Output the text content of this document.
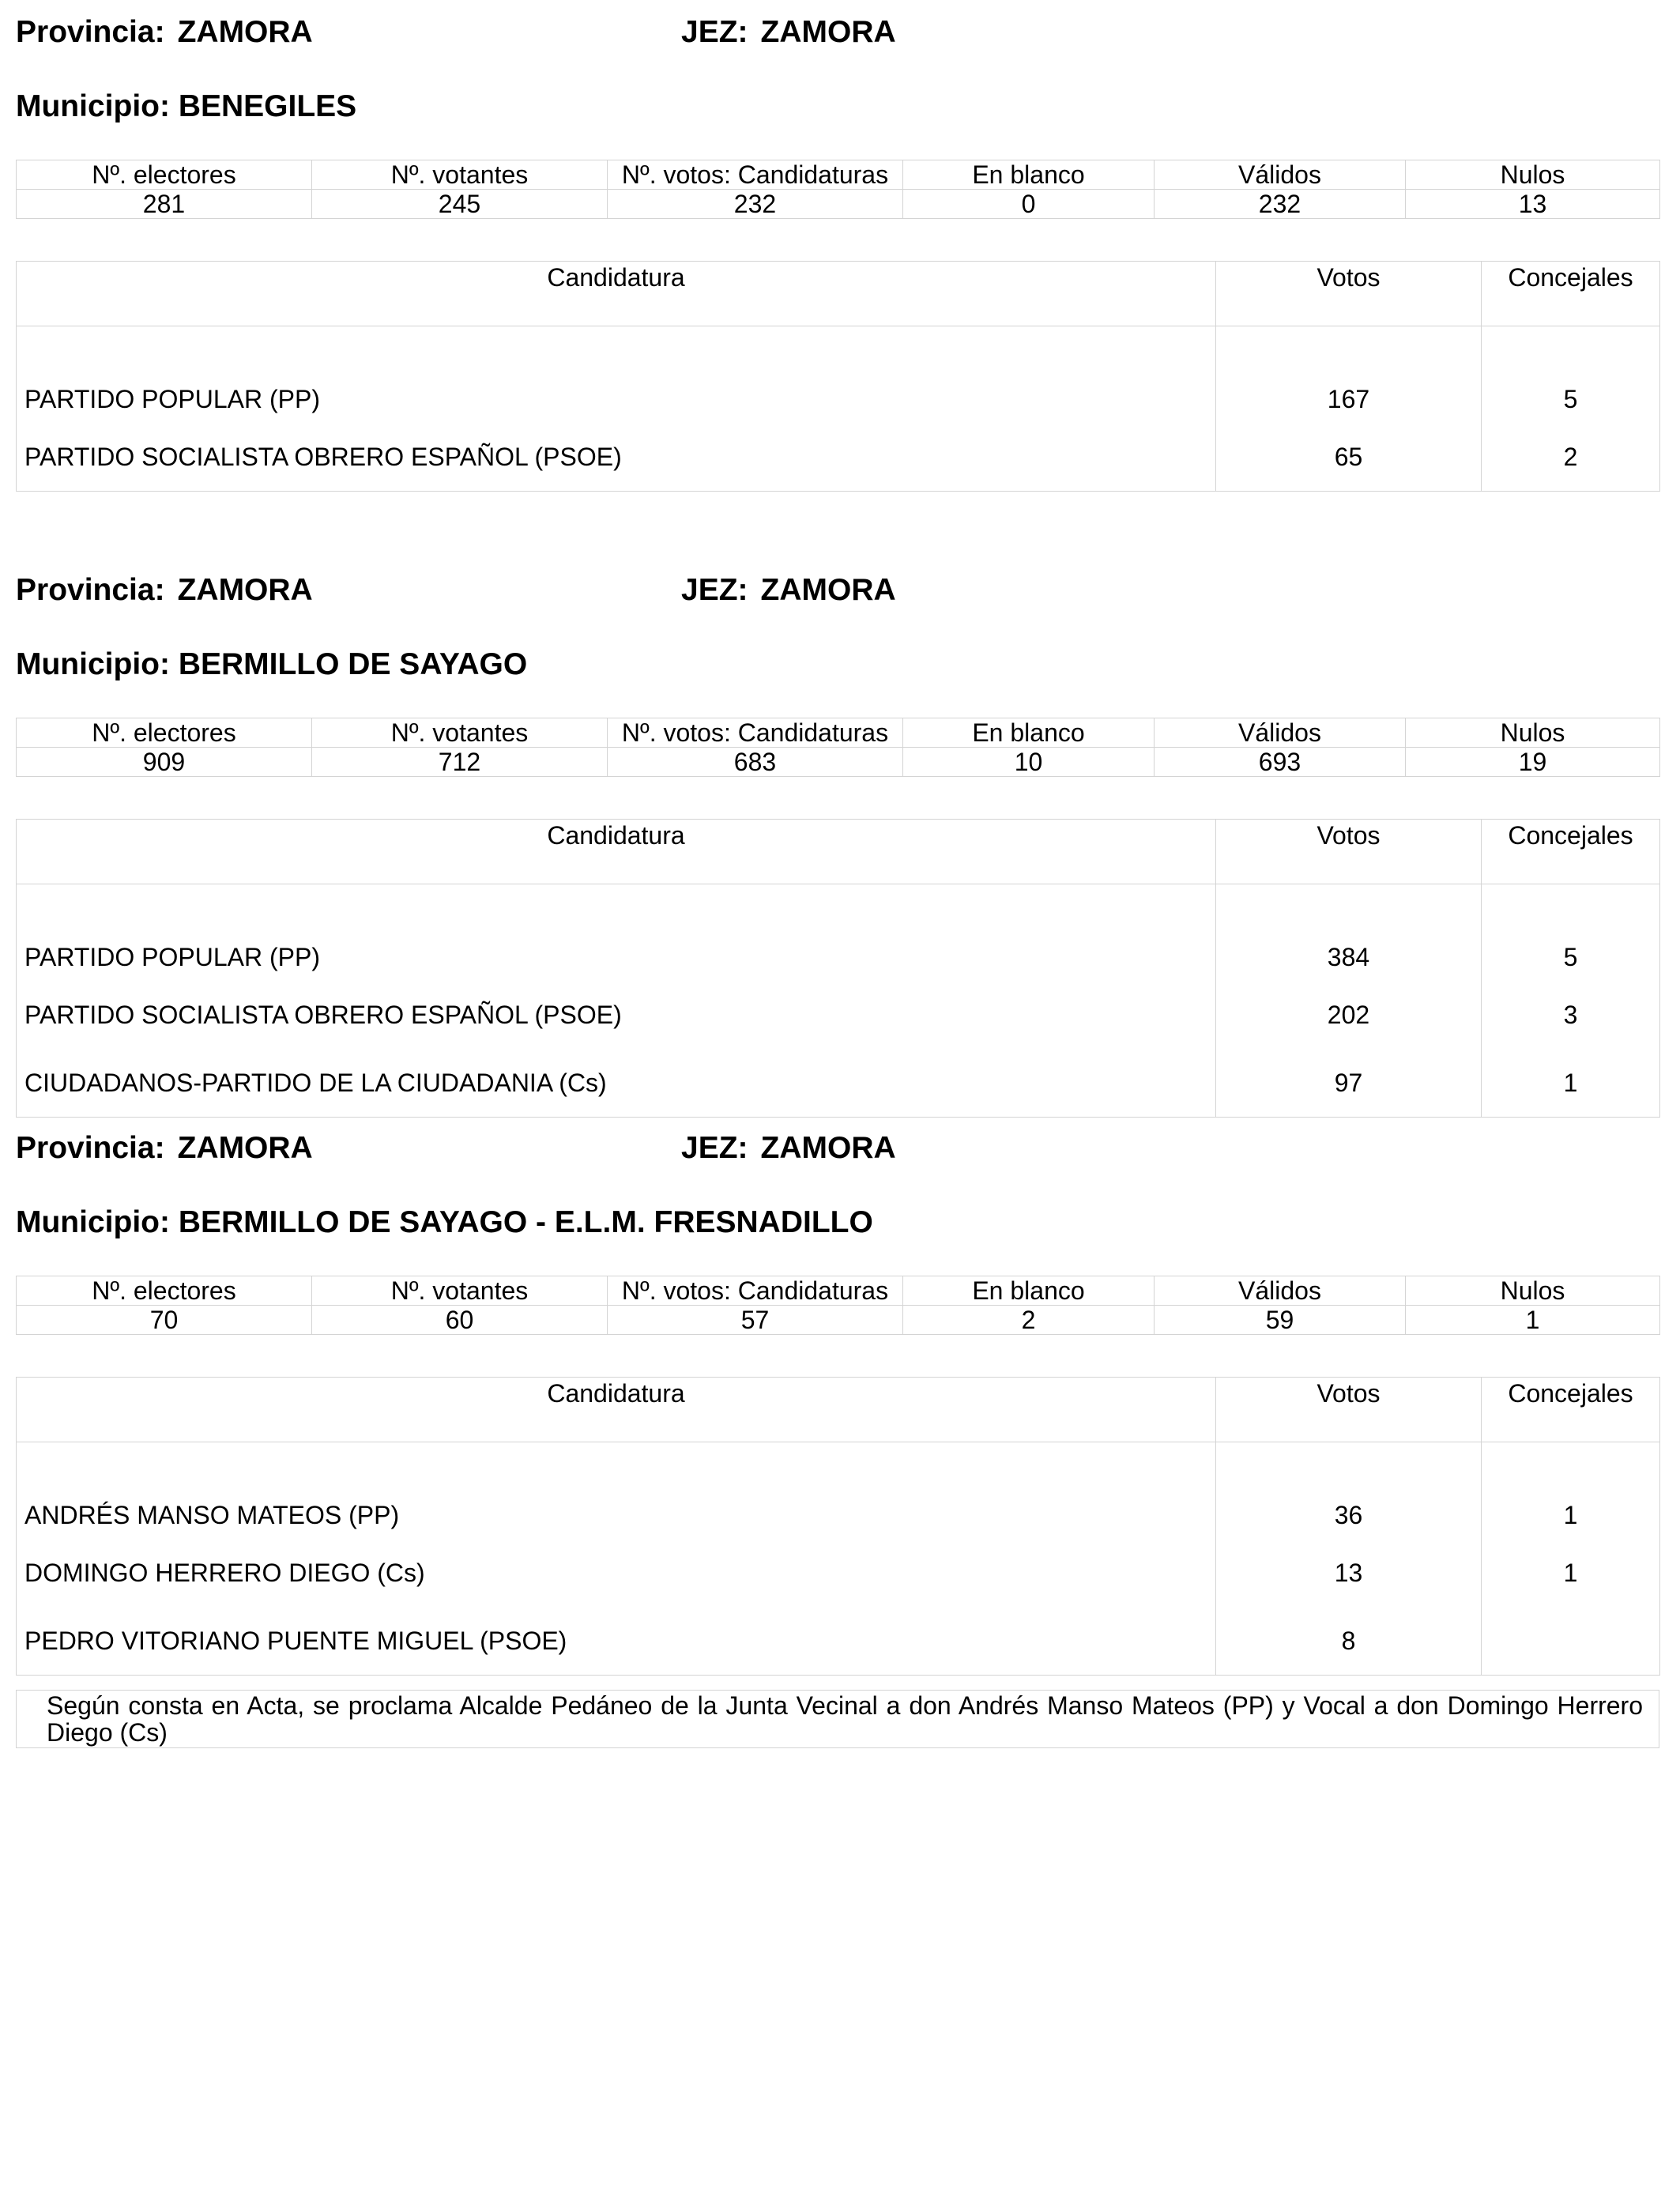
Provincia: ZAMORA	JEZ: ZAMORA
Municipio: BENEGILES
Nº. electores	Nº. votantes	Nº. votos: Candidaturas	En blanco	Válidos	Nulos
281	245	232	0	232	13
Candidatura	Votos	Concejales
PARTIDO POPULAR (PP)	167	5
PARTIDO SOCIALISTA OBRERO ESPAÑOL (PSOE)	65	2
Provincia: ZAMORA	JEZ: ZAMORA
Municipio: BERMILLO DE SAYAGO
Nº. electores	Nº. votantes	Nº. votos: Candidaturas	En blanco	Válidos	Nulos
909	712	683	10	693	19
Candidatura	Votos	Concejales
PARTIDO POPULAR (PP)	384	5
PARTIDO SOCIALISTA OBRERO ESPAÑOL (PSOE)	202	3
CIUDADANOS-PARTIDO DE LA CIUDADANIA (Cs)	97	1
Provincia: ZAMORA	JEZ: ZAMORA
Municipio: BERMILLO DE SAYAGO - E.L.M. FRESNADILLO
Nº. electores	Nº. votantes	Nº. votos: Candidaturas	En blanco	Válidos	Nulos
70	60	57	2	59	1
Candidatura	Votos	Concejales
ANDRÉS MANSO MATEOS (PP)	36	1
DOMINGO HERRERO DIEGO (Cs)	13	1
PEDRO VITORIANO PUENTE MIGUEL (PSOE)	8	
Según consta en Acta, se proclama Alcalde Pedáneo de la Junta Vecinal a don Andrés Manso Mateos (PP) y Vocal a don Domingo Herrero Diego (Cs)
